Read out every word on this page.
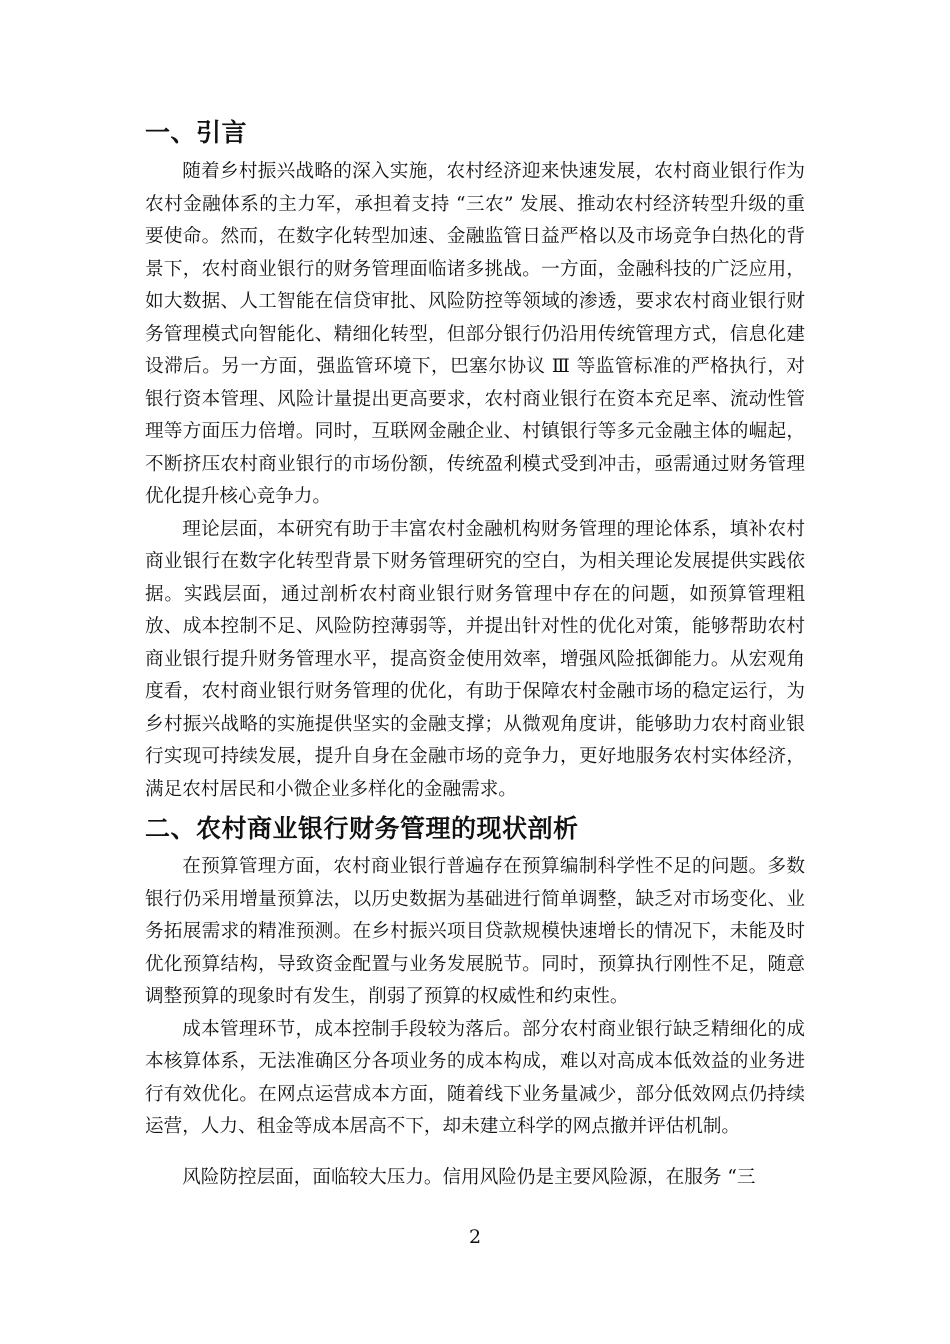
一、引言

随着乡村振兴战略的深入实施，农村经济迎来快速发展，农村商业银行作为农村金融体系的主力军，承担着支持 “三农” 发展、推动农村经济转型升级的重要使命。然而，在数字化转型加速、金融监管日益严格以及市场竞争白热化的背景下，农村商业银行的财务管理面临诸多挑战。一方面，金融科技的广泛应用，如大数据、人工智能在信贷审批、风险防控等领域的渗透，要求农村商业银行财务管理模式向智能化、精细化转型，但部分银行仍沿用传统管理方式，信息化建设滞后。另一方面，强监管环境下，巴塞尔协议 Ⅲ 等监管标准的严格执行，对银行资本管理、风险计量提出更高要求，农村商业银行在资本充足率、流动性管理等方面压力倍增。同时，互联网金融企业、村镇银行等多元金融主体的崛起，不断挤压农村商业银行的市场份额，传统盈利模式受到冲击，亟需通过财务管理优化提升核心竞争力。

理论层面，本研究有助于丰富农村金融机构财务管理的理论体系，填补农村商业银行在数字化转型背景下财务管理研究的空白，为相关理论发展提供实践依据。实践层面，通过剖析农村商业银行财务管理中存在的问题，如预算管理粗放、成本控制不足、风险防控薄弱等，并提出针对性的优化对策，能够帮助农村商业银行提升财务管理水平，提高资金使用效率，增强风险抵御能力。从宏观角度看，农村商业银行财务管理的优化，有助于保障农村金融市场的稳定运行，为乡村振兴战略的实施提供坚实的金融支撑；从微观角度讲，能够助力农村商业银行实现可持续发展，提升自身在金融市场的竞争力，更好地服务农村实体经济，满足农村居民和小微企业多样化的金融需求。

二、农村商业银行财务管理的现状剖析

在预算管理方面，农村商业银行普遍存在预算编制科学性不足的问题。多数银行仍采用增量预算法，以历史数据为基础进行简单调整，缺乏对市场变化、业务拓展需求的精准预测。在乡村振兴项目贷款规模快速增长的情况下，未能及时优化预算结构，导致资金配置与业务发展脱节。同时，预算执行刚性不足，随意调整预算的现象时有发生，削弱了预算的权威性和约束性。

成本管理环节，成本控制手段较为落后。部分农村商业银行缺乏精细化的成本核算体系，无法准确区分各项业务的成本构成，难以对高成本低效益的业务进行有效优化。在网点运营成本方面，随着线下业务量减少，部分低效网点仍持续运营，人力、租金等成本居高不下，却未建立科学的网点撤并评估机制。

风险防控层面，面临较大压力。信用风险仍是主要风险源，在服务 “三

2
